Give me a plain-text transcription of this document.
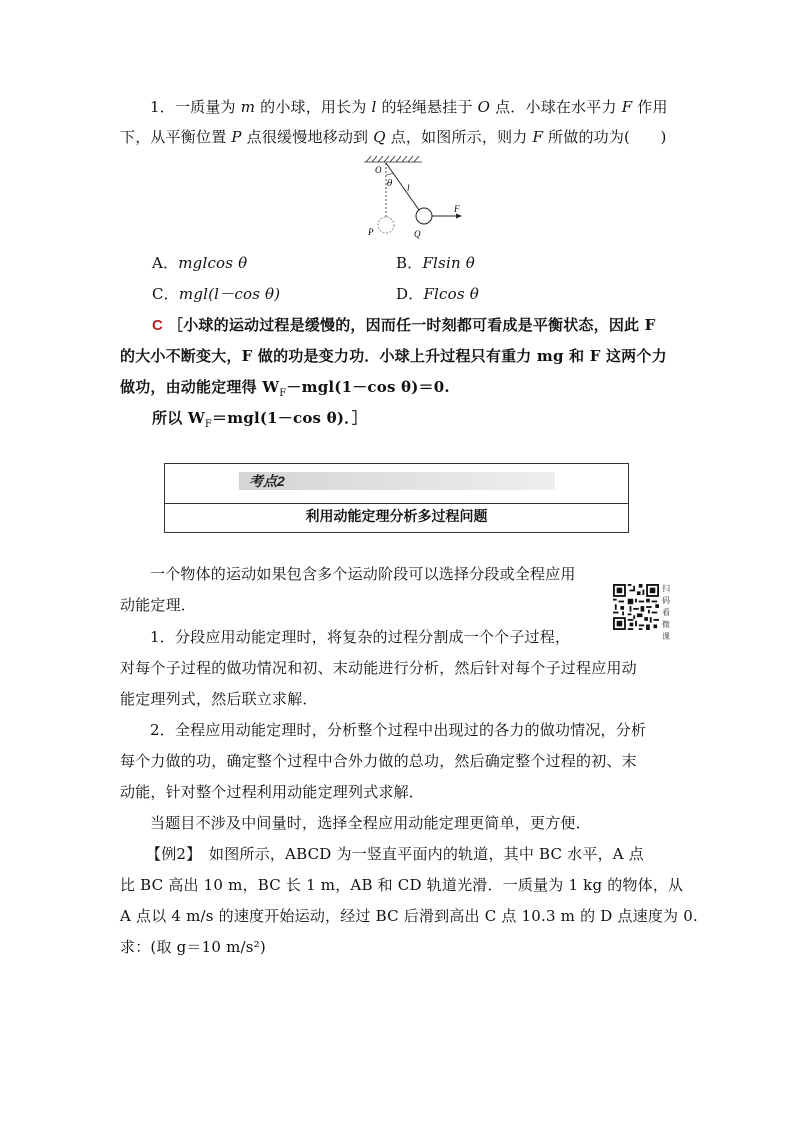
1．一质量为 m 的小球，用长为 l 的轻绳悬挂于 O 点．小球在水平力 F 作用
下，从平衡位置 P 点很缓慢地移动到 Q 点，如图所示，则力 F 所做的功为(　　)
O
θ l
P	Q
F
A．mglcos θ	B．Flsin θ
C．mgl(l－cos θ)	D．Flcos θ
C ［小球的运动过程是缓慢的，因而任一时刻都可看成是平衡状态，因此 F
的大小不断变大，F 做的功是变力功．小球上升过程只有重力 mg 和 F 这两个力
做功，由动能定理得 $W_F-mgl(1-\cos$ θ)＝0.
所以 $W_F=mgl(1-\cos$ θ)．］
考点2
利用动能定理分析多过程问题
一个物体的运动如果包含多个运动阶段可以选择分段或全程应用
动能定理．
扫码看微课
1．分段应用动能定理时，将复杂的过程分割成一个个子过程，
对每个子过程的做功情况和初、末动能进行分析，然后针对每个子过程应用动
能定理列式，然后联立求解．
2．全程应用动能定理时，分析整个过程中出现过的各力的做功情况，分析
每个力做的功，确定整个过程中合外力做的总功，然后确定整个过程的初、末
动能，针对整个过程利用动能定理列式求解．
当题目不涉及中间量时，选择全程应用动能定理更简单，更方便．
【例2】　如图所示，ABCD 为一竖直平面内的轨道，其中 BC 水平，A 点
比 BC 高出 10 m，BC 长 1 m，AB 和 CD 轨道光滑．一质量为 1 kg 的物体，从
A 点以 4 m/s 的速度开始运动，经过 BC 后滑到高出 C 点 10.3 m 的 D 点速度为 0.
求：(取 g＝10 m/s²)
